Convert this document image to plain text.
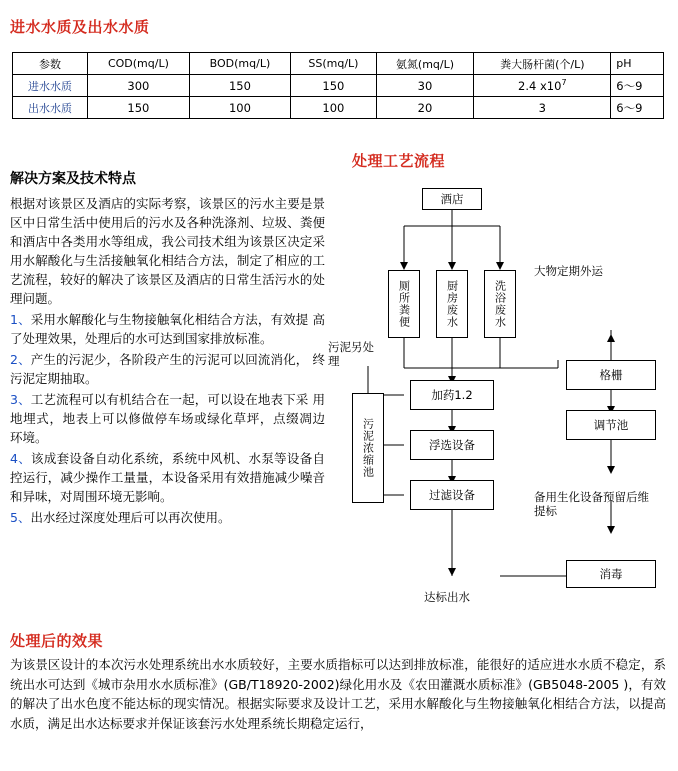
进水水质及出水水质
参数	COD(mq/L)	BOD(mq/L)	SS(mq/L)	氨氮(mq/L)	粪大肠杆菌(个/L)	pH
进水水质	300	150	150	30	2.4 $x10^7$	6～9
出水水质	150	100	100	20	3	6～9
解决方案及技术特点

根据对该景区及酒店的实际考察，该景区的污水主要是景 区中日常生活中使用后的污水及各种洗涤剂、垃圾、粪便 和酒店中各类用水等组成，我公司技术组为该景区决定采 用水解酸化与生活接触氧化相结合方法，制定了相应的工 艺流程，较好的解决了该景区及酒店的日常生活污水的处 理问题。

1、采用水解酸化与生物接触氧化相结合方法，有效提 高了处理效果，处理后的水可达到国家排放标准。

2、产生的污泥少，各阶段产生的污泥可以回流消化， 终污泥定期抽取。

3、工艺流程可以有机结合在一起，可以设在地表下采 用地埋式，地表上可以修做停车场或绿化草坪，点缀凋边 环境。

4、该成套设备自动化系统，系统中风机、水泵等设备自 控运行，减少操作工量量，本设备采用有效措施减少噪音 和异味，对周围环境无影响。

5、出水经过深度处理后可以再次使用。

处理工艺流程
酒店
厕所粪便	厨房废水	洗浴废水
污泥浓缩池
加药1.2
浮选设备
过滤设备
格栅
调节池
消毒
污泥另处理
大物定期外运
备用生化设备预留后维提标
达标出水
处理后的效果
为该景区设计的本次污水处理系统出水水质较好，主要水质指标可以达到排放标准，能很好的适应进水水质不稳定，系统出水可达到《城市杂用水水质标准》(GB/T18920-2002)绿化用水及《农田灌溉水质标准》(GB5048-2005 )，有效的解决了出水色度不能达标的现实情况。根据实际要求及设计工艺，采用水解酸化与生物接触氧化相结合方法，以提高水质，满足出水达标要求并保证该套污水处理系统长期稳定运行，
